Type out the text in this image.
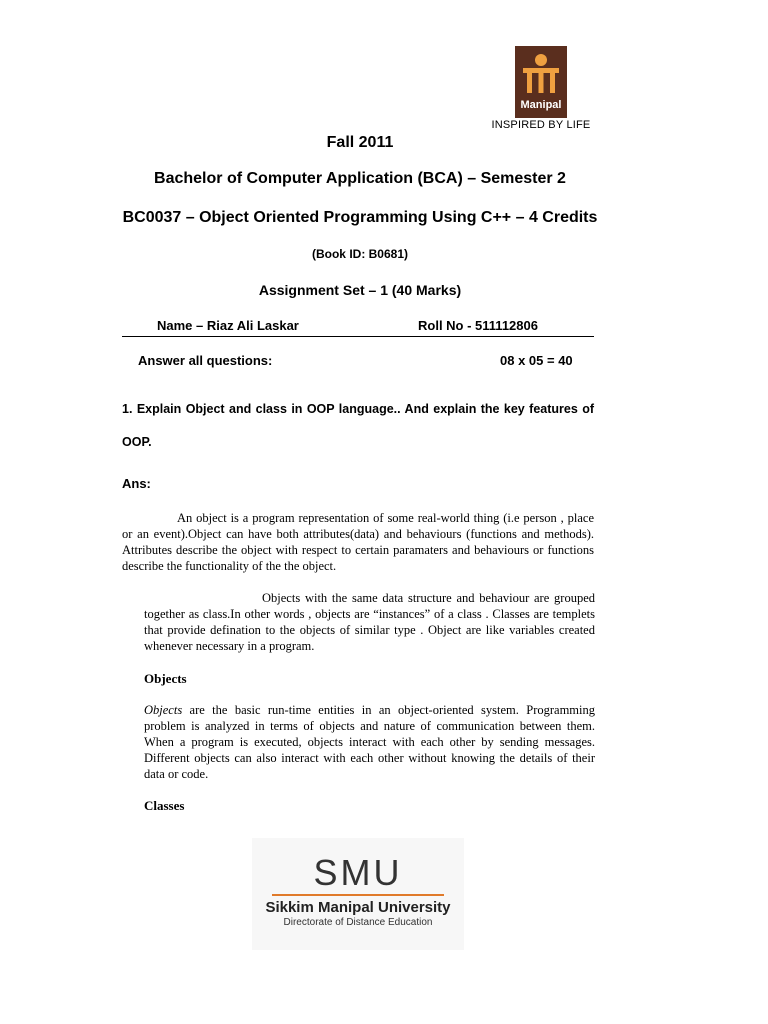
Manipal
INSPIRED BY LIFE
Fall 2011
Bachelor of Computer Application (BCA) – Semester 2
BC0037 – Object Oriented Programming Using C++ – 4 Credits
(Book ID: B0681)
Assignment Set – 1 (40 Marks)
Name – Riaz Ali Laskar	Roll No - 511112806
Answer all questions:	08 x 05 = 40
1. Explain Object and class in OOP language.. And explain the key features of OOP.
Ans:
An object is a program representation of some real-world thing (i.e person , place or an event).Object can have both attributes(data) and behaviours (functions and methods). Attributes describe the object with respect to certain paramaters and behaviours or functions describe the functionality of the the object.
Objects with the same data structure and behaviour are grouped together as class.In other words , objects are “instances” of a class . Classes are templets that provide defination to the objects of similar type . Object are like variables created whenever necessary in a program.
Objects
Objects are the basic run-time entities in an object-oriented system. Programming problem is analyzed in terms of objects and nature of communication between them. When a program is executed, objects interact with each other by sending messages. Different objects can also interact with each other without knowing the details of their data or code.
Classes
SMU
Sikkim Manipal University
Directorate of Distance Education
